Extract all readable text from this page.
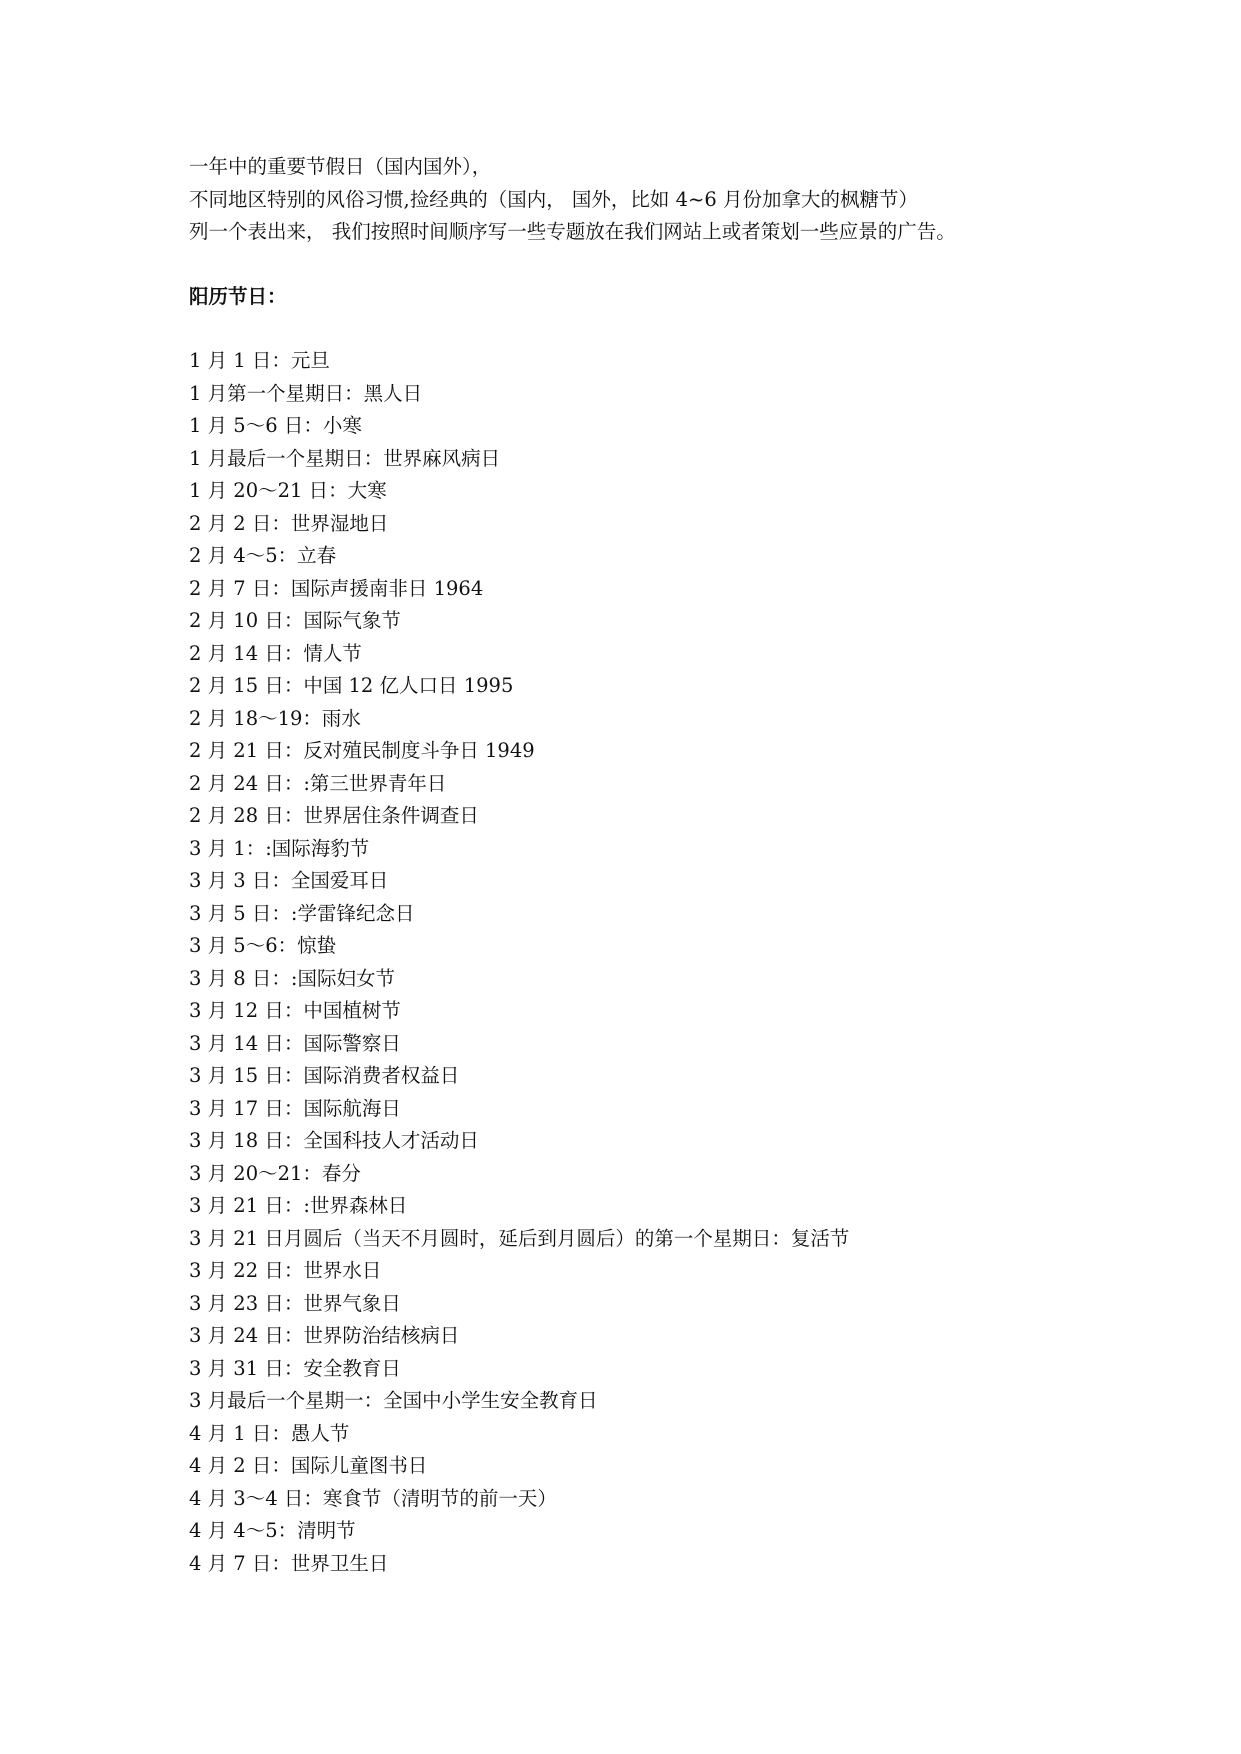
一年中的重要节假日（国内国外），
不同地区特别的风俗习惯,捡经典的（国内， 国外，比如 4~6 月份加拿大的枫糖节）
列一个表出来， 我们按照时间顺序写一些专题放在我们网站上或者策划一些应景的广告。
阳历节日：
1 月 1 日：元旦
1 月第一个星期日：黑人日
1 月 5～6 日：小寒
1 月最后一个星期日：世界麻风病日
1 月 20～21 日：大寒
2 月 2 日：世界湿地日
2 月 4～5：立春
2 月 7 日：国际声援南非日 1964
2 月 10 日：国际气象节
2 月 14 日：情人节
2 月 15 日：中国 12 亿人口日 1995
2 月 18～19：雨水
2 月 21 日：反对殖民制度斗争日 1949
2 月 24 日：:第三世界青年日
2 月 28 日：世界居住条件调查日
3 月 1：:国际海豹节
3 月 3 日：全国爱耳日
3 月 5 日：:学雷锋纪念日
3 月 5～6：惊蛰
3 月 8 日：:国际妇女节
3 月 12 日：中国植树节
3 月 14 日：国际警察日
3 月 15 日：国际消费者权益日
3 月 17 日：国际航海日
3 月 18 日：全国科技人才活动日
3 月 20～21：春分
3 月 21 日：:世界森林日
3 月 21 日月圆后（当天不月圆时，延后到月圆后）的第一个星期日：复活节
3 月 22 日：世界水日
3 月 23 日：世界气象日
3 月 24 日：世界防治结核病日
3 月 31 日：安全教育日
3 月最后一个星期一：全国中小学生安全教育日
4 月 1 日：愚人节
4 月 2 日：国际儿童图书日
4 月 3～4 日：寒食节（清明节的前一天）
4 月 4～5：清明节
4 月 7 日：世界卫生日
